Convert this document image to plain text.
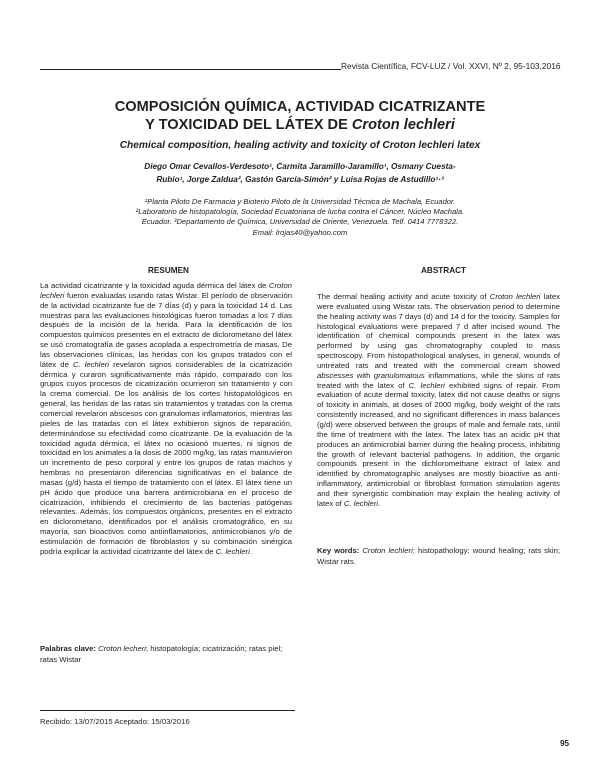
Revista Científica, FCV-LUZ / Vol. XXVI, Nº 2, 95-103,2016
COMPOSICIÓN QUÍMICA, ACTIVIDAD CICATRIZANTE
Y TOXICIDAD DEL LÁTEX DE Croton lechleri
Chemical composition, healing activity and toxicity of Croton lechleri latex
Diego Omar Cevallos-Verdesoto¹, Carmita Jaramillo-Jaramillo¹, Osmany Cuesta-
Rubio¹, Jorge Zaldua², Gastón García-Simón² y Luisa Rojas de Astudillo¹·³
¹Planta Piloto De Farmacia y Bioterio Piloto de la Universidad Técnica de Machala, Ecuador.
²Laboratorio de histopatología, Sociedad Ecuatoriana de lucha contra el Cáncer, Núcleo Machala.
Ecuador. ³Departamento de Química, Universidad de Oriente, Venezuela. Telf. 0414 7778322.
Email: lrojas40@yahoo.com
RESUMEN	ABSTRACT
La actividad cicatrizante y la toxicidad aguda dérmica del látex de Croton lechleri fueron evaluadas usando ratas Wistar. El período de observación de la actividad cicatrizante fue de 7 días (d) y para la toxicidad 14 d. Las muestras para las evaluaciones histológicas fueron tomadas a los 7 días después de la incisión de la herida. Para la identificación de los compuestos químicos presentes en el extracto de diclorometano del látex se usó cromatografía de gases acoplada a espectrometría de masas. De las observaciones clínicas, las heridas con los grupos tratados con el látex de C. lechleri revelaron signos considerables de la cicatrización dérmica y curaron significativamente más rápido, comparado con los grupos cuyos procesos de cicatrización ocurrieron sin tratamiento y con la crema comercial. De los análisis de los cortes histopatológicos en general, las heridas de las ratas sin tratamientos y tratadas con la crema comercial revelaron abscesos con granulomas inflamatorios, mientras las pieles de las tratadas con el látex exhibieron signos de reparación, determinándose su efectividad como cicatrizante. De la evaluación de la toxicidad aguda dérmica, el látex no ocasionó muertes, ni signos de toxicidad en los animales a la dosis de 2000 mg/kg, las ratas mantuvieron un incremento de peso corporal y entre los grupos de ratas machos y hembras no presentaron diferencias significativas en el balance de masas (g/d) hasta el tiempo de tratamiento con el látex. El látex tiene un pH ácido que produce una barrera antimicrobiana en el proceso de cicatrización, inhibiendo el crecimiento de las bacterias patógenas relevantes. Además, los compuestos orgánicos, presentes en el extracto en diclorometano, identificados por el análisis cromatográfico, en su mayoría, son bioactivos como antiinflamatorios, antimicrobianos y/o de estimulación de formación de fibroblastos y su combinación sinérgica podría explicar la actividad cicatrizante del látex de C. lechleri.
Palabras clave: Croton lecheri; histopatología; cicatrización; ratas piel; ratas Wistar
The dermal healing activity and acute toxicity of Croton lechleri latex were evaluated using Wistar rats. The observation period to determine the healing activity was 7 days (d) and 14 d for the toxicity. Samples for histological evaluations were prepared 7 d after incised wound. The identification of chemical compounds present in the latex was performed by using gas chromatography coupled to mass spectroscopy. From histopathological analyses, in general, wounds of untreated rats and treated with the commercial cream showed abscesses with granulomatous inflammations, while the skins of rats treated with the latex of C. lechleri exhibited signs of repair. From evaluation of acute dermal toxicity, latex did not cause deaths or signs of toxicity in animals, at doses of 2000 mg/kg, body weight of the rats consistently increased, and no significant differences in mass balances (g/d) were observed between the groups of male and female rats, until the time of treatment with the latex. The latex has an acidic pH that produces an antimicrobial barrier during the healing process, inhibiting the growth of relevant bacterial pathogens. In addition, the organic compounds present in the dichloromethane extract of latex and identified by chromatographic analyses are mostly bioactive as anti-inflammatory, antimicrobial or fibroblast formation stimulation agents and their synergistic combination may explain the healing activity of latex of C. lechleri.
Key words: Croton lechleri; histopathology; wound healing; rats skin; Wistar rats.
Recibido: 13/07/2015 Aceptado: 15/03/2016
95
